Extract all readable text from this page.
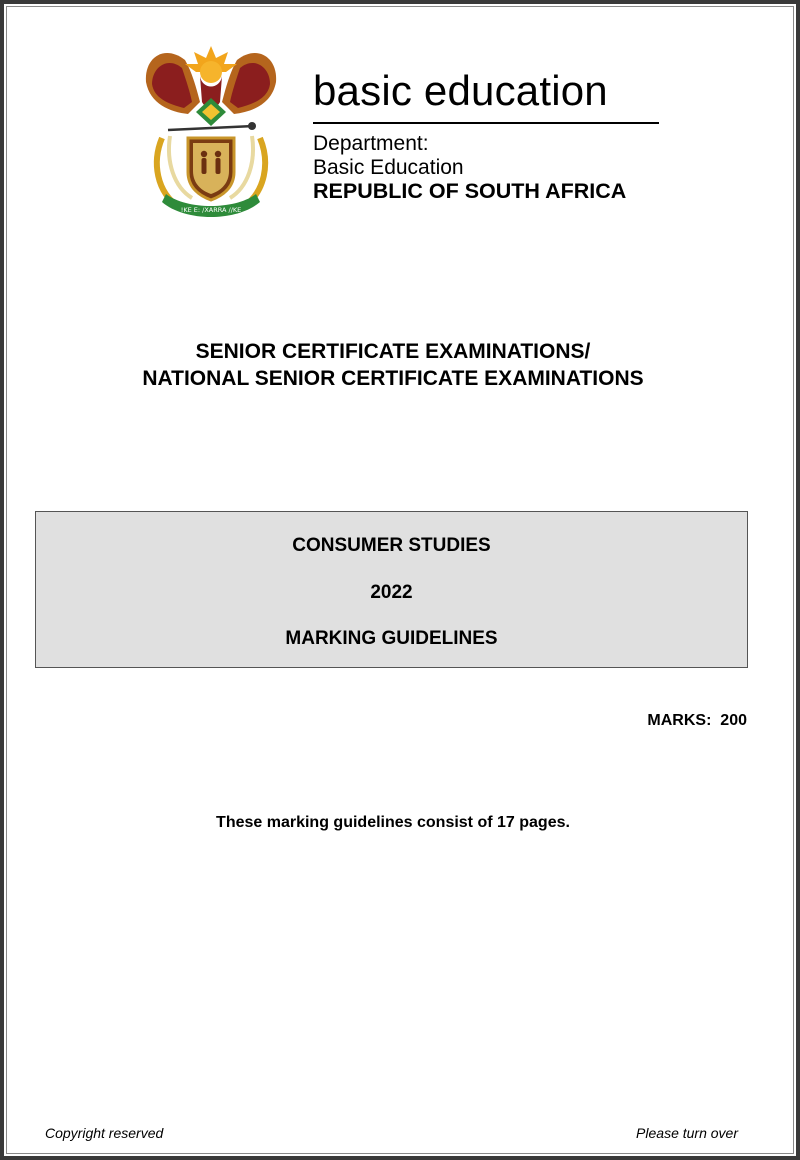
!KE E: /XARRA //KE
basic education
Department:
Basic Education
REPUBLIC OF SOUTH AFRICA
SENIOR CERTIFICATE EXAMINATIONS/
NATIONAL SENIOR CERTIFICATE EXAMINATIONS
CONSUMER STUDIES
2022
MARKING GUIDELINES
MARKS:  200
These marking guidelines consist of 17 pages.
Copyright reserved	Please turn over
